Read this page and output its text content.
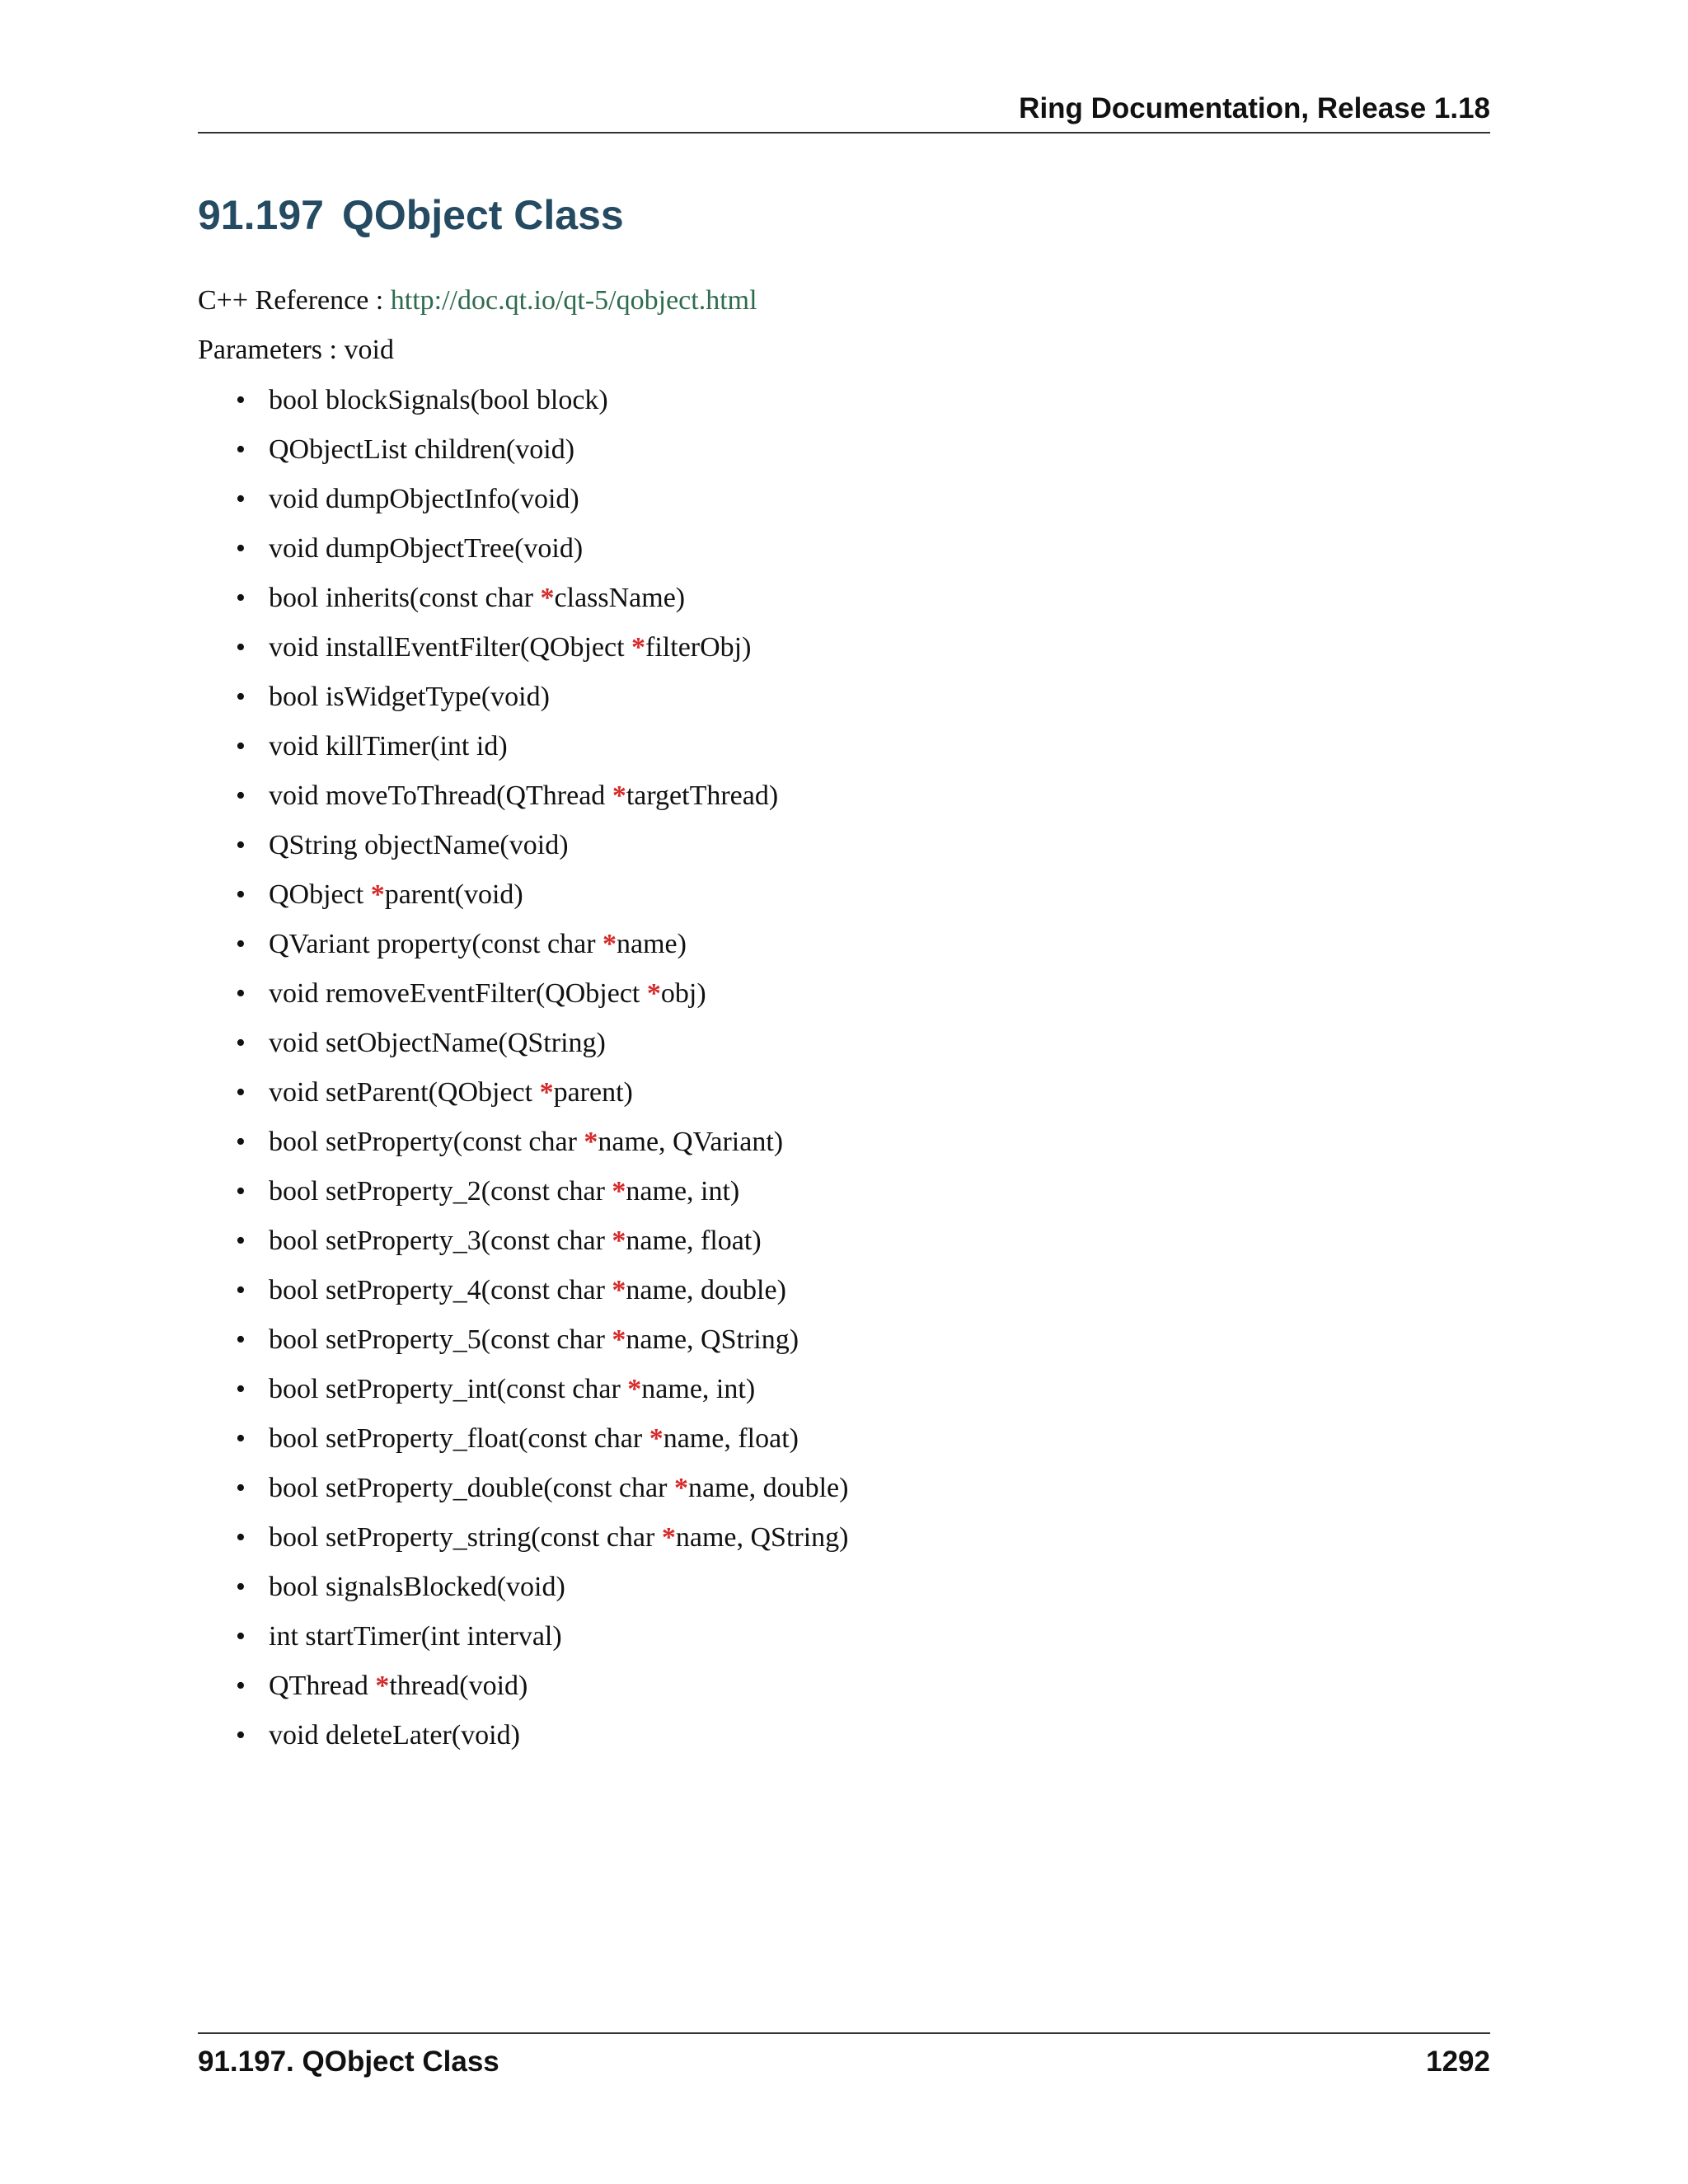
Ring Documentation, Release 1.18
91.197 QObject Class
C++ Reference : http://doc.qt.io/qt-5/qobject.html
Parameters : void
• bool blockSignals(bool block)
• QObjectList children(void)
• void dumpObjectInfo(void)
• void dumpObjectTree(void)
• bool inherits(const char *className)
• void installEventFilter(QObject *filterObj)
• bool isWidgetType(void)
• void killTimer(int id)
• void moveToThread(QThread *targetThread)
• QString objectName(void)
• QObject *parent(void)
• QVariant property(const char *name)
• void removeEventFilter(QObject *obj)
• void setObjectName(QString)
• void setParent(QObject *parent)
• bool setProperty(const char *name, QVariant)
• bool setProperty_2(const char *name, int)
• bool setProperty_3(const char *name, float)
• bool setProperty_4(const char *name, double)
• bool setProperty_5(const char *name, QString)
• bool setProperty_int(const char *name, int)
• bool setProperty_float(const char *name, float)
• bool setProperty_double(const char *name, double)
• bool setProperty_string(const char *name, QString)
• bool signalsBlocked(void)
• int startTimer(int interval)
• QThread *thread(void)
• void deleteLater(void)
91.197. QObject Class	1292
